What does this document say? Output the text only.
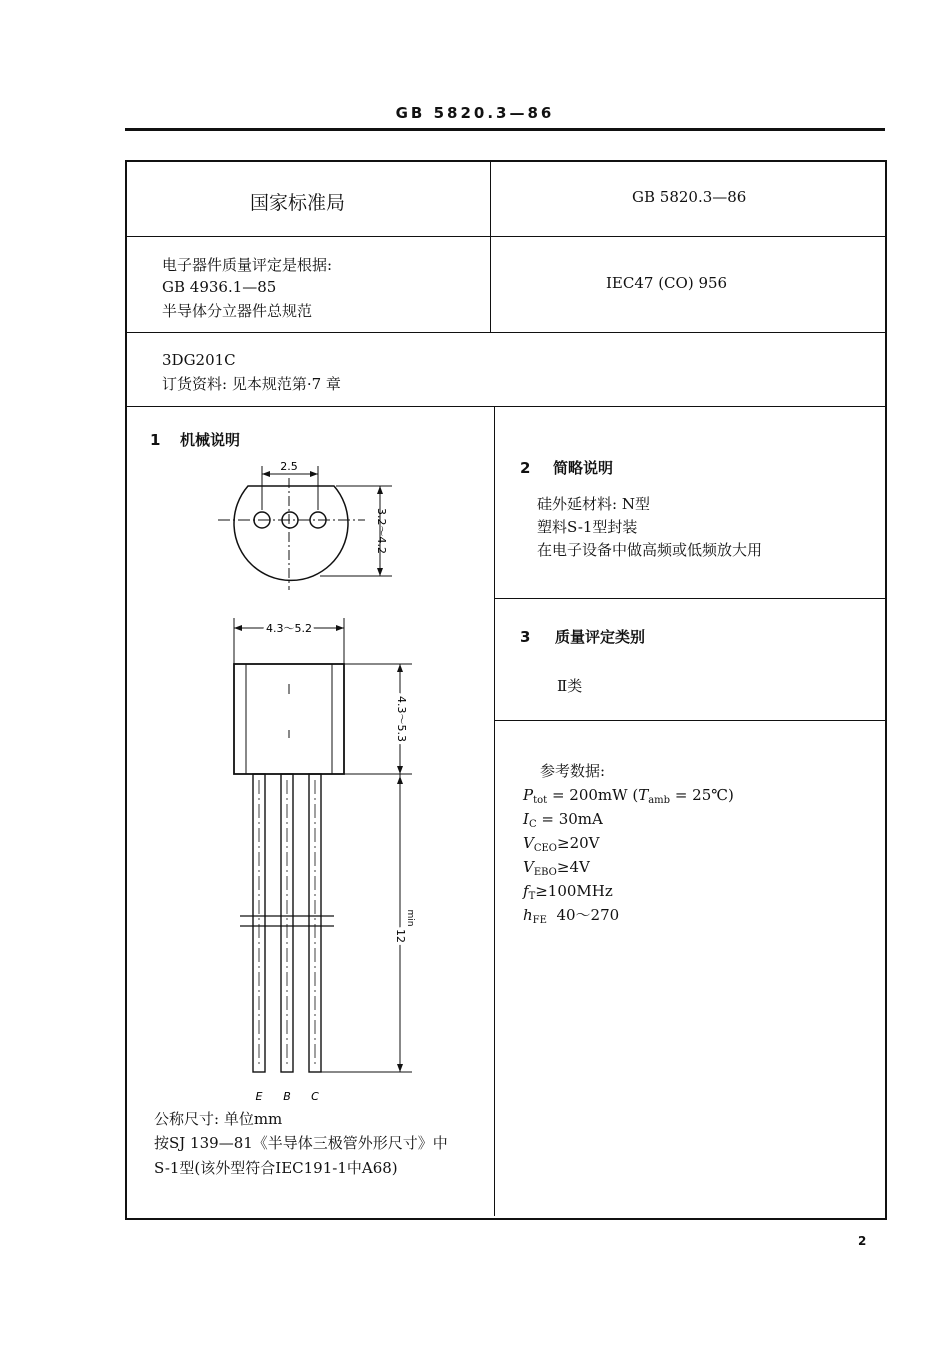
GB 5820.3—86
国家标准局	GB 5820.3—86
电子器件质量评定是根据:
GB 4936.1—85
半导体分立器件总规范
IEC47 (CO) 956
3DG201C
订货资料: 见本规范第·7 章
1 机械说明
2.5
3.2～4.2
4.3～5.2
4.3～5.3
12
min
E B C
公称尺寸: 单位mm
按SJ 139—81《半导体三极管外形尺寸》中
S-1型(该外型符合IEC191-1中A68)
2 简略说明
硅外延材料: N型
塑料S-1型封装
在电子设备中做高频或低频放大用
3 质量评定类别
Ⅱ类
参考数据:
$P_{tot} = 200mW$ ($T_{amb}$ = 25℃)
$I_C = 30mA$
$V_{CEO}\ge 20V$
$V_{EBO}\ge 4V$
$f_T\ge 100MHz$
$h_{FE}$ 40～270
2
